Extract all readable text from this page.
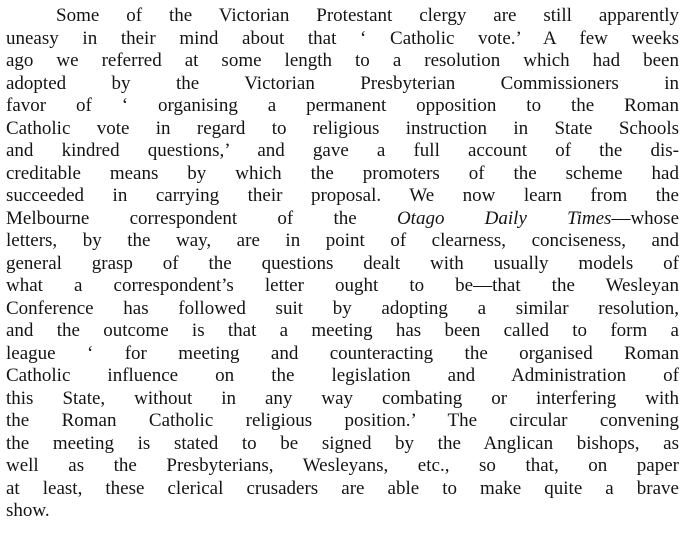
Some of the Victorian Protestant clergy are still apparently
uneasy in their mind about that ‘ Catholic vote.’ A few weeks
ago we referred at some length to a resolution which had been
adopted by the Victorian Presbyterian Commissioners in
favor of ‘ organising a permanent opposition to the Roman
Catholic vote in regard to religious instruction in State Schools
and kindred questions,’ and gave a full account of the dis-
creditable means by which the promoters of the scheme had
succeeded in carrying their proposal. We now learn from the
Melbourne correspondent of the Otago Daily Times—whose
letters, by the way, are in point of clearness, conciseness, and
general grasp of the questions dealt with usually models of
what a correspondent’s letter ought to be—that the Wesleyan
Conference has followed suit by adopting a similar resolution,
and the outcome is that a meeting has been called to form a
league ‘ for meeting and counteracting the organised Roman
Catholic influence on the legislation and Administration of
this State, without in any way combating or interfering with
the Roman Catholic religious position.’ The circular convening
the meeting is stated to be signed by the Anglican bishops, as
well as the Presbyterians, Wesleyans, etc., so that, on paper
at least, these clerical crusaders are able to make quite a brave
show.
